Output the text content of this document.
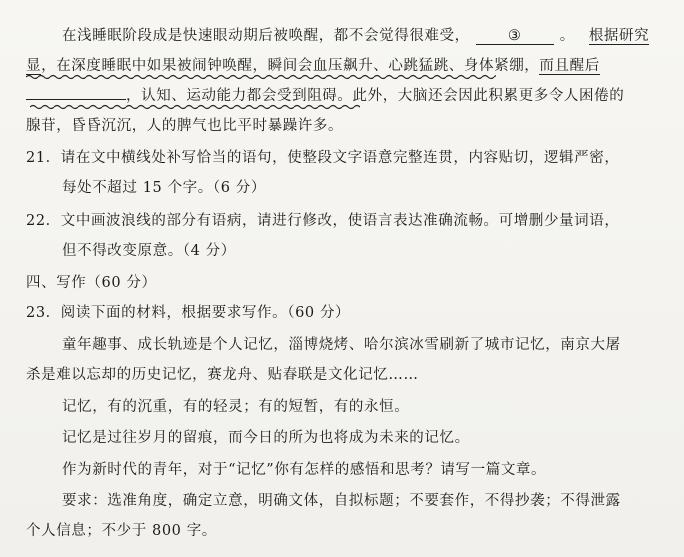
在浅睡眠阶段成是快速眼动期后被唤醒，都不会觉得很难受，	③	。 根据研究
显，在深度睡眠中如果被闹钟唤醒，瞬间会血压飙升、心跳猛跳、身体紧绷，而且醒后
，认知、运动能力都会受到阻碍。此外，大脑还会因此积累更多令人困倦的
腺苷，昏昏沉沉，人的脾气也比平时暴躁许多。
21．请在文中横线处补写恰当的语句，使整段文字语意完整连贯，内容贴切，逻辑严密，
每处不超过 15 个字。（6 分）
22．文中画波浪线的部分有语病，请进行修改，使语言表达准确流畅。可增删少量词语，
但不得改变原意。（4 分）
四、写作（60 分）
23．阅读下面的材料，根据要求写作。（60 分）
童年趣事、成长轨迹是个人记忆，淄博烧烤、哈尔滨冰雪刷新了城市记忆，南京大屠
杀是难以忘却的历史记忆，赛龙舟、贴春联是文化记忆……
记忆，有的沉重，有的轻灵；有的短暂，有的永恒。
记忆是过往岁月的留痕，而今日的所为也将成为未来的记忆。
作为新时代的青年，对于“记忆”你有怎样的感悟和思考？请写一篇文章。
要求：选准角度，确定立意，明确文体，自拟标题；不要套作，不得抄袭；不得泄露
个人信息；不少于 800 字。
